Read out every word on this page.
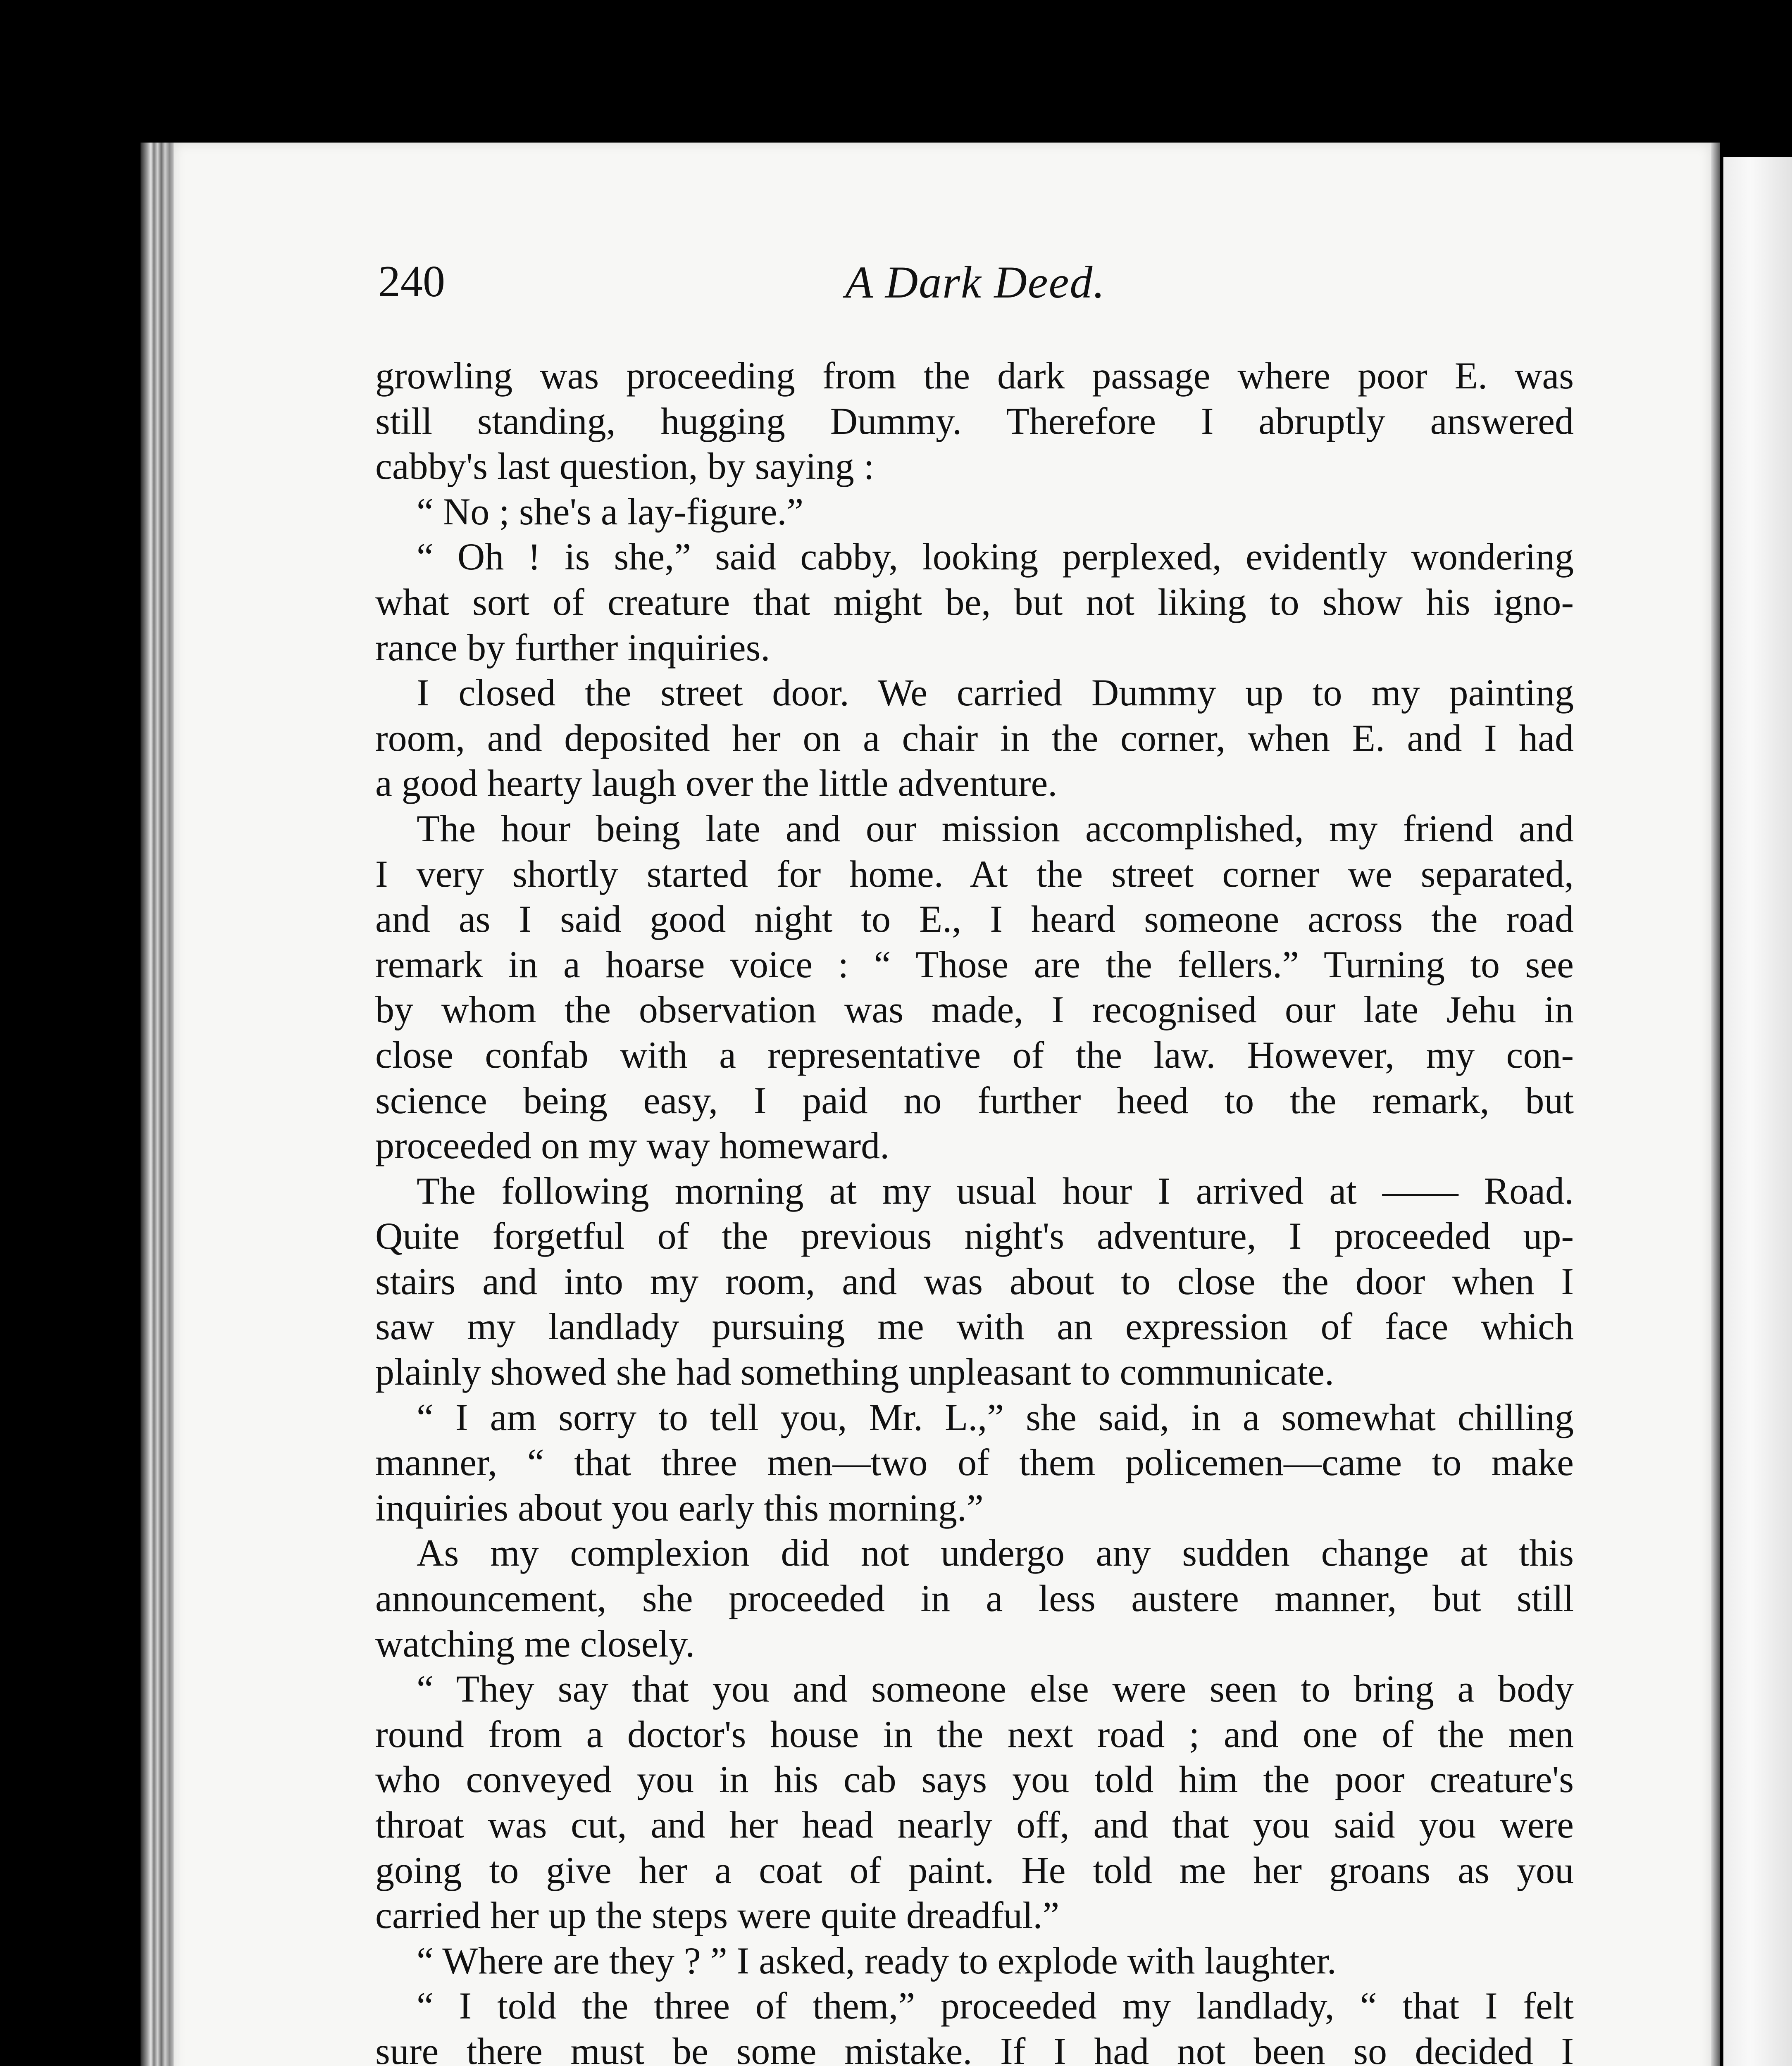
240	A Dark Deed.

growling was proceeding from the dark passage where poor E. was

still standing, hugging Dummy. Therefore I abruptly answered

cabby's last question, by saying :

“ No ; she's a lay-figure.”

“ Oh ! is she,” said cabby, looking perplexed, evidently wondering

what sort of creature that might be, but not liking to show his igno-

rance by further inquiries.

I closed the street door. We carried Dummy up to my painting

room, and deposited her on a chair in the corner, when E. and I had

a good hearty laugh over the little adventure.

The hour being late and our mission accomplished, my friend and

I very shortly started for home. At the street corner we separated,

and as I said good night to E., I heard someone across the road

remark in a hoarse voice : “ Those are the fellers.” Turning to see

by whom the observation was made, I recognised our late Jehu in

close confab with a representative of the law. However, my con-

science being easy, I paid no further heed to the remark, but

proceeded on my way homeward.

The following morning at my usual hour I arrived at —— Road.

Quite forgetful of the previous night's adventure, I proceeded up-

stairs and into my room, and was about to close the door when I

saw my landlady pursuing me with an expression of face which

plainly showed she had something unpleasant to communicate.

“ I am sorry to tell you, Mr. L.,” she said, in a somewhat chilling

manner, “ that three men—two of them policemen—came to make

inquiries about you early this morning.”

As my complexion did not undergo any sudden change at this

announcement, she proceeded in a less austere manner, but still

watching me closely.

“ They say that you and someone else were seen to bring a body

round from a doctor's house in the next road ; and one of the men

who conveyed you in his cab says you told him the poor creature's

throat was cut, and her head nearly off, and that you said you were

going to give her a coat of paint. He told me her groans as you

carried her up the steps were quite dreadful.”

“ Where are they ? ” I asked, ready to explode with laughter.

“ I told the three of them,” proceeded my landlady, “ that I felt

sure there must be some mistake. If I had not been so decided I
